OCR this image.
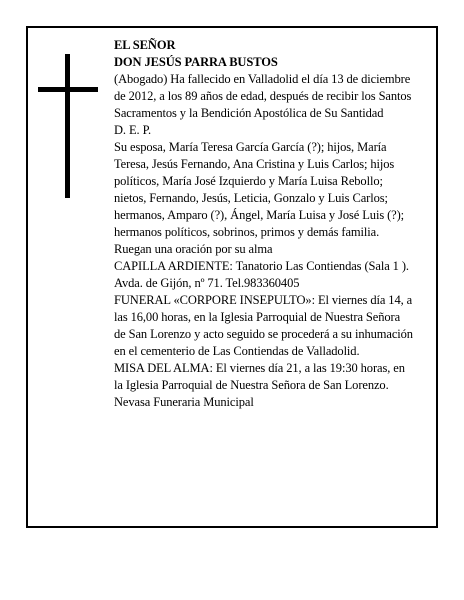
EL SEÑOR

DON JESÚS PARRA BUSTOS

(Abogado) Ha fallecido en Valladolid el día 13 de diciembre de 2012, a los 89 años de edad, después de recibir los Santos Sacramentos y la Bendición Apostólica de Su Santidad

D. E. P.

Su esposa, María Teresa García García (?); hijos, María Teresa, Jesús Fernando, Ana Cristina y Luis Carlos; hijos políticos, María José Izquierdo y María Luisa Rebollo; nietos, Fernando, Jesús, Leticia, Gonzalo y Luis Carlos; hermanos, Amparo (?), Ángel, María Luisa y José Luis (?); hermanos políticos, sobrinos, primos y demás familia.

Ruegan una oración por su alma

CAPILLA ARDIENTE: Tanatorio Las Contiendas (Sala 1 ). Avda. de Gijón, nº 71. Tel.983360405

FUNERAL «CORPORE INSEPULTO»: El viernes día 14, a las 16,00 horas, en la Iglesia Parroquial de Nuestra Señora de San Lorenzo y acto seguido se procederá a su inhumación en el cementerio de Las Contiendas de Valladolid.

MISA DEL ALMA: El viernes día 21, a las 19:30 horas, en la Iglesia Parroquial de Nuestra Señora de San Lorenzo.

Nevasa Funeraria Municipal
